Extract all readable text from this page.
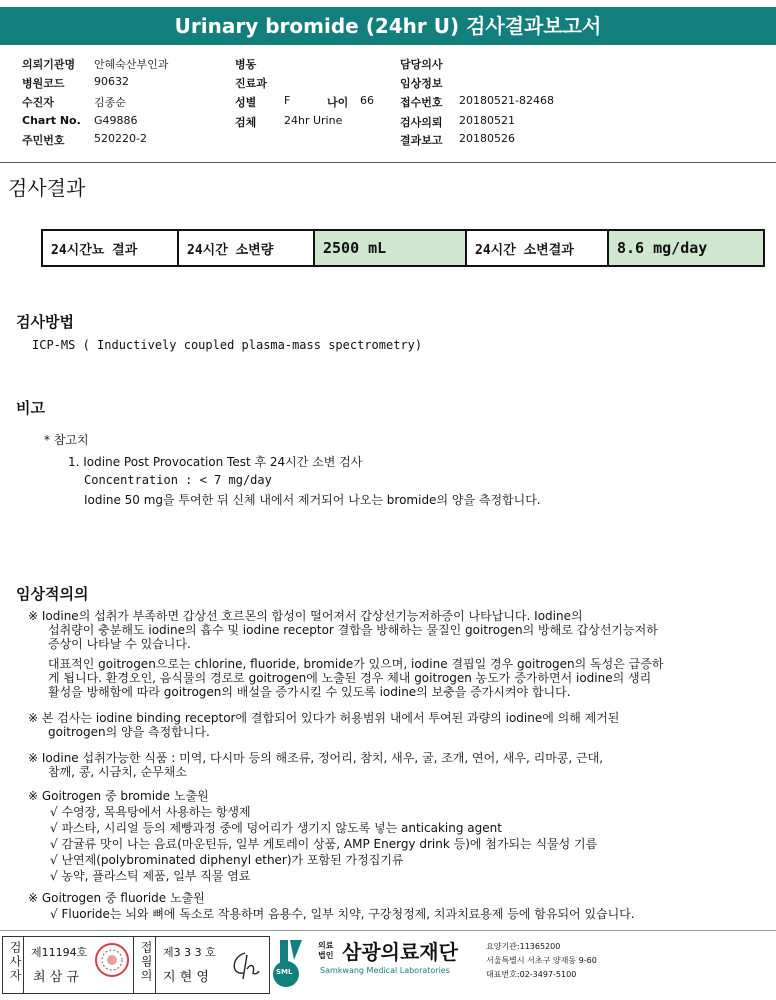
Urinary bromide (24hr U) 검사결과보고서
의뢰기관명 안혜숙산부인과
병원코드	90632
수진자	김종순
Chart No. G49886
주민번호	520220-2
병동
진료과
성별	F	나이 66
검체	24hr Urine
담당의사
임상정보
접수번호 20180521-82468
검사의뢰 20180521
결과보고 20180526
검사결과
24시간뇨 결과	24시간 소변량	2500 mL	24시간 소변결과	8.6 mg/day
검사방법
ICP-MS ( Inductively coupled plasma-mass spectrometry)
비고
* 참고치
1. Iodine Post Provocation Test 후 24시간 소변 검사
Concentration : < 7 mg/day
Iodine 50 mg을 투여한 뒤 신체 내에서 제거되어 나오는 bromide의 양을 측정합니다.
임상적의의
※ Iodine의 섭취가 부족하면 갑상선 호르몬의 합성이 떨어져서 갑상선기능저하증이 나타납니다. Iodine의
섭취량이 충분해도 iodine의 흡수 및 iodine receptor 결합을 방해하는 물질인 goitrogen의 방해로 갑상선기능저하
증상이 나타날 수 있습니다.
대표적인 goitrogen으로는 chlorine, fluoride, bromide가 있으며, iodine 결핍일 경우 goitrogen의 독성은 급증하
게 됩니다. 환경오인, 음식물의 경로로 goitrogen에 노출된 경우 체내 goitrogen 농도가 증가하면서 iodine의 생리
활성을 방해함에 따라 goitrogen의 배설을 증가시킬 수 있도록 iodine의 보충을 증가시켜야 합니다.
※ 본 검사는 iodine binding receptor에 결합되어 있다가 허용범위 내에서 투여된 과량의 iodine에 의해 제거된
goitrogen의 양을 측정합니다.
※ Iodine 섭취가능한 식품 : 미역, 다시마 등의 해조류, 정어리, 참치, 새우, 굴, 조개, 연어, 새우, 리마콩, 근대,
참깨, 콩, 시금치, 순무채소
※ Goitrogen 중 bromide 노출원
√ 수영장, 목욕탕에서 사용하는 항생제
√ 파스타, 시리얼 등의 제빵과정 중에 덩어리가 생기지 않도록 넣는 anticaking agent
√ 감귤류 맛이 나는 음료(마운틴듀, 일부 게토레이 상품, AMP Energy drink 등)에 첨가되는 식물성 기름
√ 난연제(polybrominated diphenyl ether)가 포함된 가정집기류
√ 농약, 플라스틱 제품, 일부 직물 염료
※ Goitrogen 중 fluoride 노출원
√ Fluoride는 뇌와 뼈에 독소로 작용하며 음용수, 일부 치약, 구강청정제, 치과치료용제 등에 함유되어 있습니다.
검사자 제11194호
최 삼 규	접읨의 제3 3 3 호
지 현 영	SML
의료
법인 삼광의료재단
Samkwang Medical Laboratories
요양기관:11365200
서울특별시 서초구 양재동 9-60
대표번호:02-3497-5100
